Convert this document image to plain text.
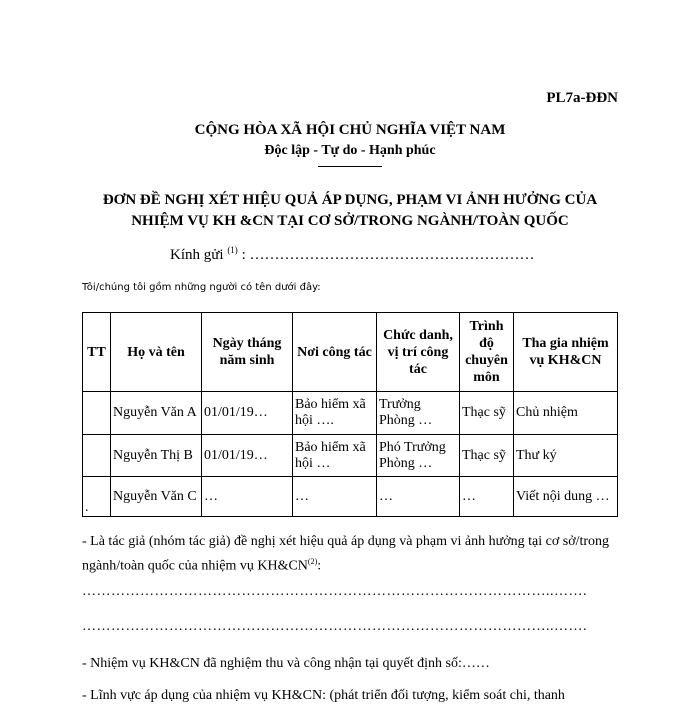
PL7a-ĐĐN
CỘNG HÒA XÃ HỘI CHỦ NGHĨA VIỆT NAM
Độc lập - Tự do - Hạnh phúc
ĐƠN ĐỀ NGHỊ XÉT HIỆU QUẢ ÁP DỤNG, PHẠM VI ẢNH HƯỞNG CỦA
NHIỆM VỤ KH &CN TẠI CƠ SỞ/TRONG NGÀNH/TOÀN QUỐC
Kính gửi $^{(1)}$ : …………………………………………………
Tôi/chúng tôi gồm những người có tên dưới đây:
TT	Họ và tên	Ngày tháng năm sinh	Nơi công tác	Chức danh, vị trí công tác	Trình độ chuyên môn	Tha gia nhiệm vụ KH&CN
	Nguyễn Văn A	01/01/19…	Bảo hiểm xã hội ….	Trưởng Phòng …	Thạc sỹ	Chủ nhiệm
	Nguyễn Thị B	01/01/19…	Bảo hiểm xã hội …	Phó Trưởng Phòng …	Thạc sỹ	Thư ký
.	Nguyễn Văn C	…	…	…	…	Viết nội dung …
- Là tác giả (nhóm tác giả) đề nghị xét hiệu quả áp dụng và phạm vi ảnh hưởng tại cơ sở/trong ngành/toàn quốc của nhiệm vụ KH&CN$^{(2)}$:
……………………………………………………………………………………..…….
……………………………………………………………………………………..…….
- Nhiệm vụ KH&CN đã nghiệm thu và công nhận tại quyết định số:……
- Lĩnh vực áp dụng của nhiệm vụ KH&CN: (phát triển đối tượng, kiểm soát chi, thanh
